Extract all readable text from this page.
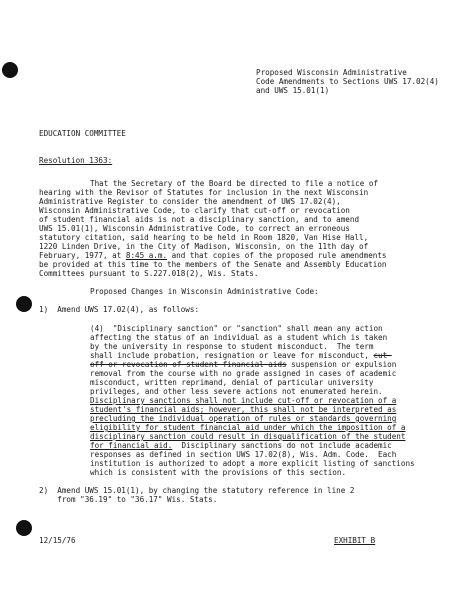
Proposed Wisconsin Administrative

Code Amendments to Sections UWS 17.02(4)

and UWS 15.01(1)

EDUCATION COMMITTEE

Resolution 1363:

That the Secretary of the Board be directed to file a notice of

hearing with the Revisor of Statutes for inclusion in the next Wisconsin

Administrative Register to consider the amendment of UWS 17.02(4),

Wisconsin Administrative Code, to clarify that cut-off or revocation

of student financial aids is not a disciplinary sanction, and to amend

UWS 15.01(1), Wisconsin Administrative Code, to correct an erroneous

statutory citation, said hearing to be held in Room 1820, Van Hise Hall,

1220 Linden Drive, in the City of Madison, Wisconsin, on the 11th day of

February, 1977, at 8:45 a.m. and that copies of the proposed rule amendments

be provided at this time to the members of the Senate and Assembly Education

Committees pursuant to S.227.018(2), Wis. Stats.

Proposed Changes in Wisconsin Administrative Code:

1)  Amend UWS 17.02(4), as follows:

(4)  "Disciplinary sanction" or "sanction" shall mean any action

affecting the status of an individual as a student which is taken

by the university in response to student misconduct.  The term

shall include probation, resignation or leave for misconduct, cut-

off or revocation of student financial aids suspension or expulsion

removal from the course with no grade assigned in cases of academic

misconduct, written reprimand, denial of particular university

privileges, and other less severe actions not enumerated herein.

Disciplinary sanctions shall not include cut-off or revocation of a

student's financial aids; however, this shall not be interpreted as

precluding the individual operation of rules or standards governing

eligibility for student financial aid under which the imposition of a

disciplinary sanction could result in disqualification of the student

for financial aid.  Disciplinary sanctions do not include academic

responses as defined in section UWS 17.02(8), Wis. Adm. Code.  Each

institution is authorized to adopt a more explicit listing of sanctions

which is consistent with the provisions of this section.

2)  Amend UWS 15.01(1), by changing the statutory reference in line 2

from "36.19" to "36.17" Wis. Stats.

12/15/76	EXHIBIT B
